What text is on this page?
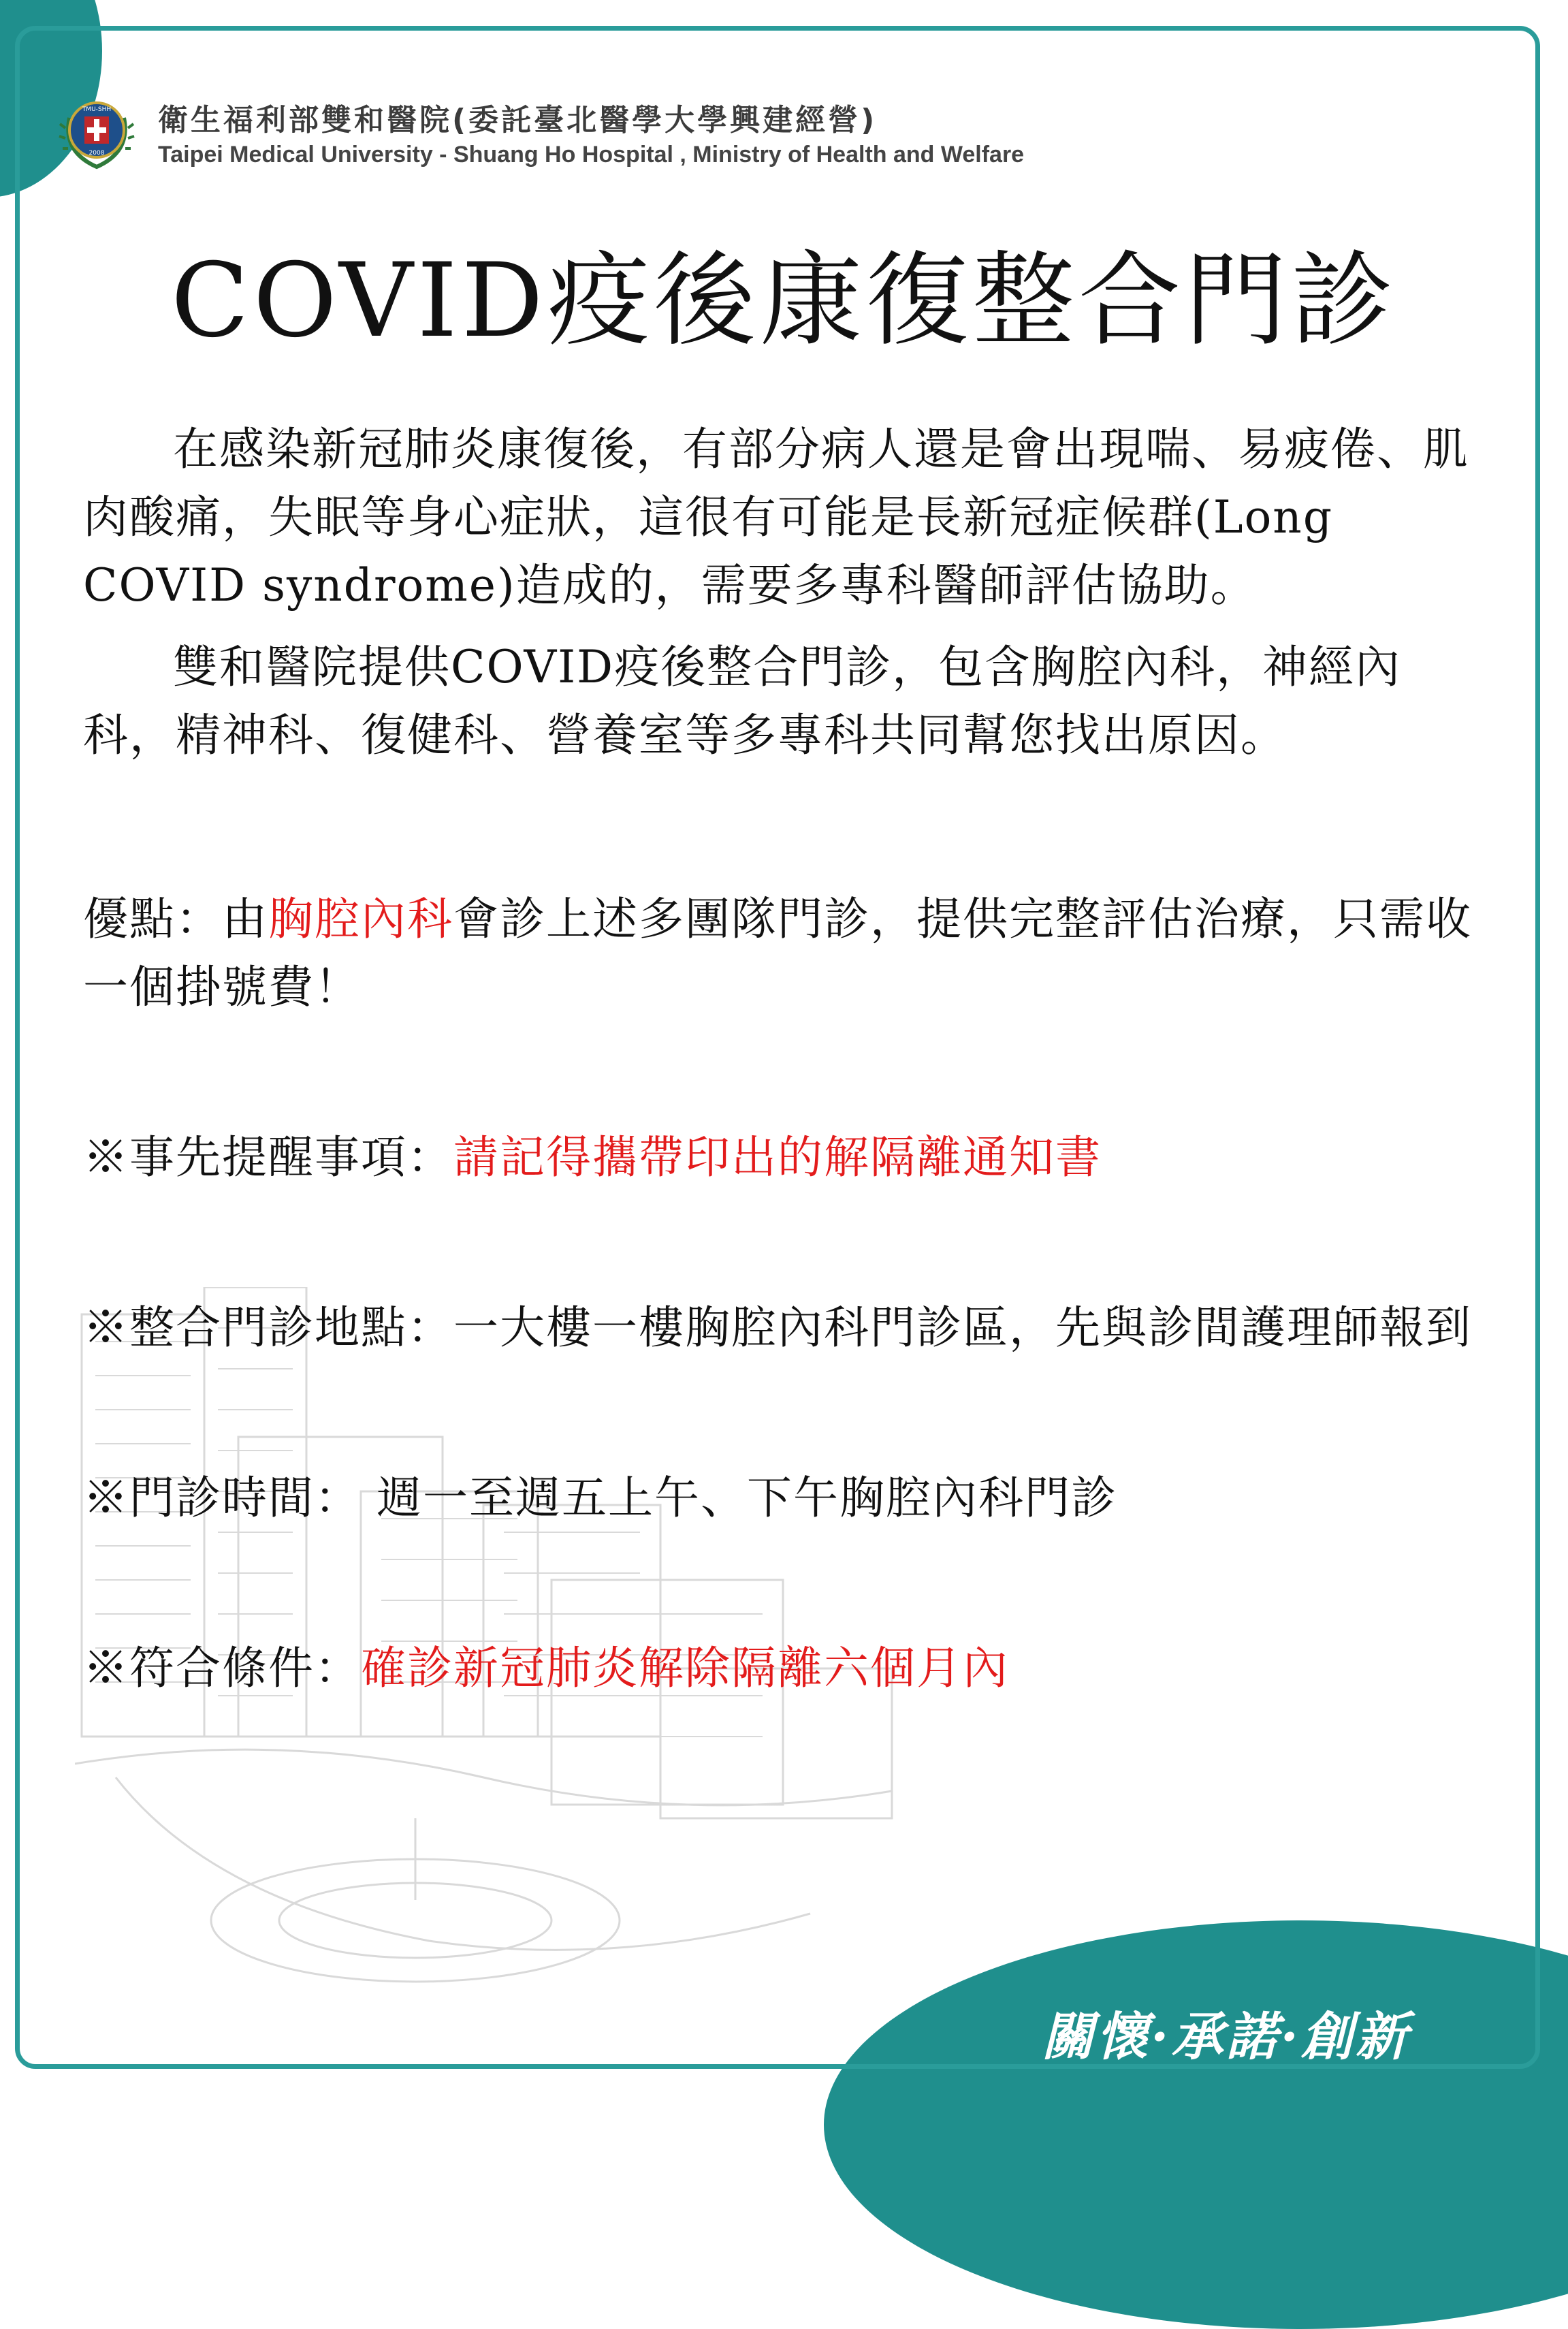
TMU-SHH
2008
衛生福利部雙和醫院(委託臺北醫學大學興建經營)
Taipei Medical University - Shuang Ho Hospital , Ministry of Health and Welfare
COVID疫後康復整合門診

在感染新冠肺炎康復後，有部分病人還是會出現喘、易疲倦、肌肉酸痛，失眠等身心症狀，這很有可能是長新冠症候群(Long COVID syndrome)造成的，需要多專科醫師評估協助。

雙和醫院提供COVID疫後整合門診，包含胸腔內科，神經內科，精神科、復健科、營養室等多專科共同幫您找出原因。

優點：由胸腔內科會診上述多團隊門診，提供完整評估治療，只需收一個掛號費！

※事先提醒事項：請記得攜帶印出的解隔離通知書

※整合門診地點：一大樓一樓胸腔內科門診區，先與診間護理師報到

※門診時間： 週一至週五上午、下午胸腔內科門診

※符合條件：確診新冠肺炎解除隔離六個月內

關懷·承諾·創新
